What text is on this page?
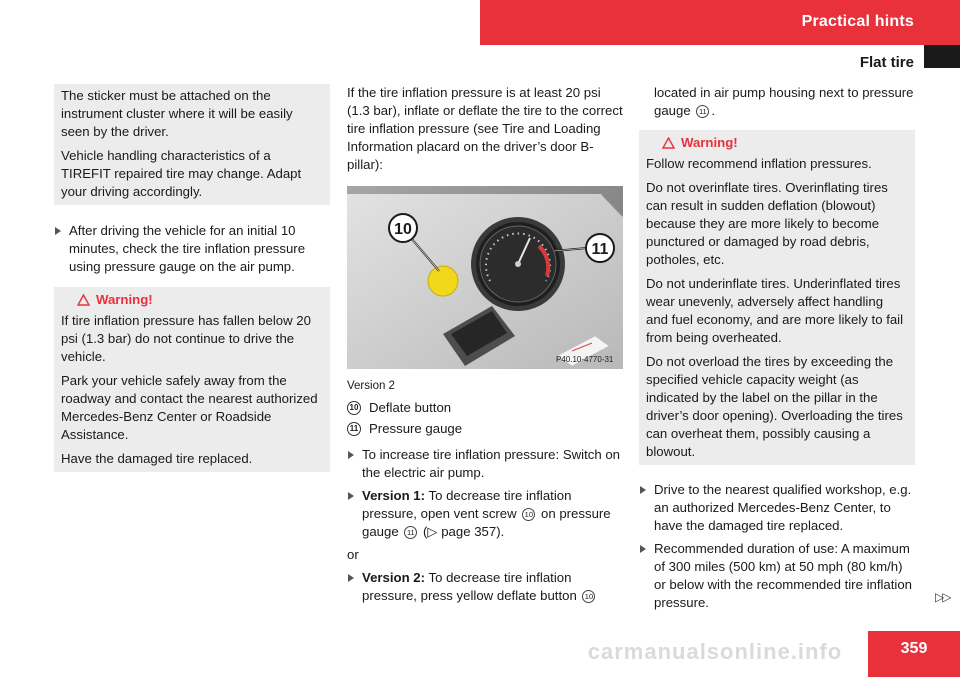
Practical hints
Flat tire

The sticker must be attached on the instrument cluster where it will be easily seen by the driver.

Vehicle handling characteristics of a TIREFIT repaired tire may change. Adapt your driving accordingly.

After driving the vehicle for an initial 10 minutes, check the tire inflation pressure using pressure gauge on the air pump.
Warning!

If tire inflation pressure has fallen below 20 psi (1.3 bar) do not continue to drive the vehicle.

Park your vehicle safely away from the roadway and contact the nearest authorized Mercedes-Benz Center or Roadside Assistance.

Have the damaged tire replaced.

If the tire inflation pressure is at least 20 psi (1.3 bar), inflate or deflate the tire to the correct tire inflation pressure (see Tire and Loading Information placard on the driver’s door B-pillar):

10
11
P40.10-4770-31
Version 2
10 Deflate button
11 Pressure gauge
To increase tire inflation pressure: Switch on the electric air pump.
Version 1: To decrease tire inflation pressure, open vent screw 10 on pressure gauge 11 (▷ page 357).

or

Version 2: To decrease tire inflation pressure, press yellow deflate button 10
located in air pump housing next to pressure gauge 11 .
Warning!

Follow recommend inflation pressures.

Do not overinflate tires. Overinflating tires can result in sudden deflation (blowout) because they are more likely to become punctured or damaged by road debris, potholes, etc.

Do not underinflate tires. Underinflated tires wear unevenly, adversely affect handling and fuel economy, and are more likely to fail from being overheated.

Do not overload the tires by exceeding the specified vehicle capacity weight (as indicated by the label on the pillar in the driver’s door opening). Overloading the tires can overheat them, possibly causing a blowout.

Drive to the nearest qualified workshop, e.g. an authorized Mercedes-Benz Center, to have the damaged tire replaced.
Recommended duration of use: A maximum of 300 miles (500 km) at 50 mph (80 km/h) or below with the recommended tire inflation pressure.	▷▷
359
carmanualsonline.info
